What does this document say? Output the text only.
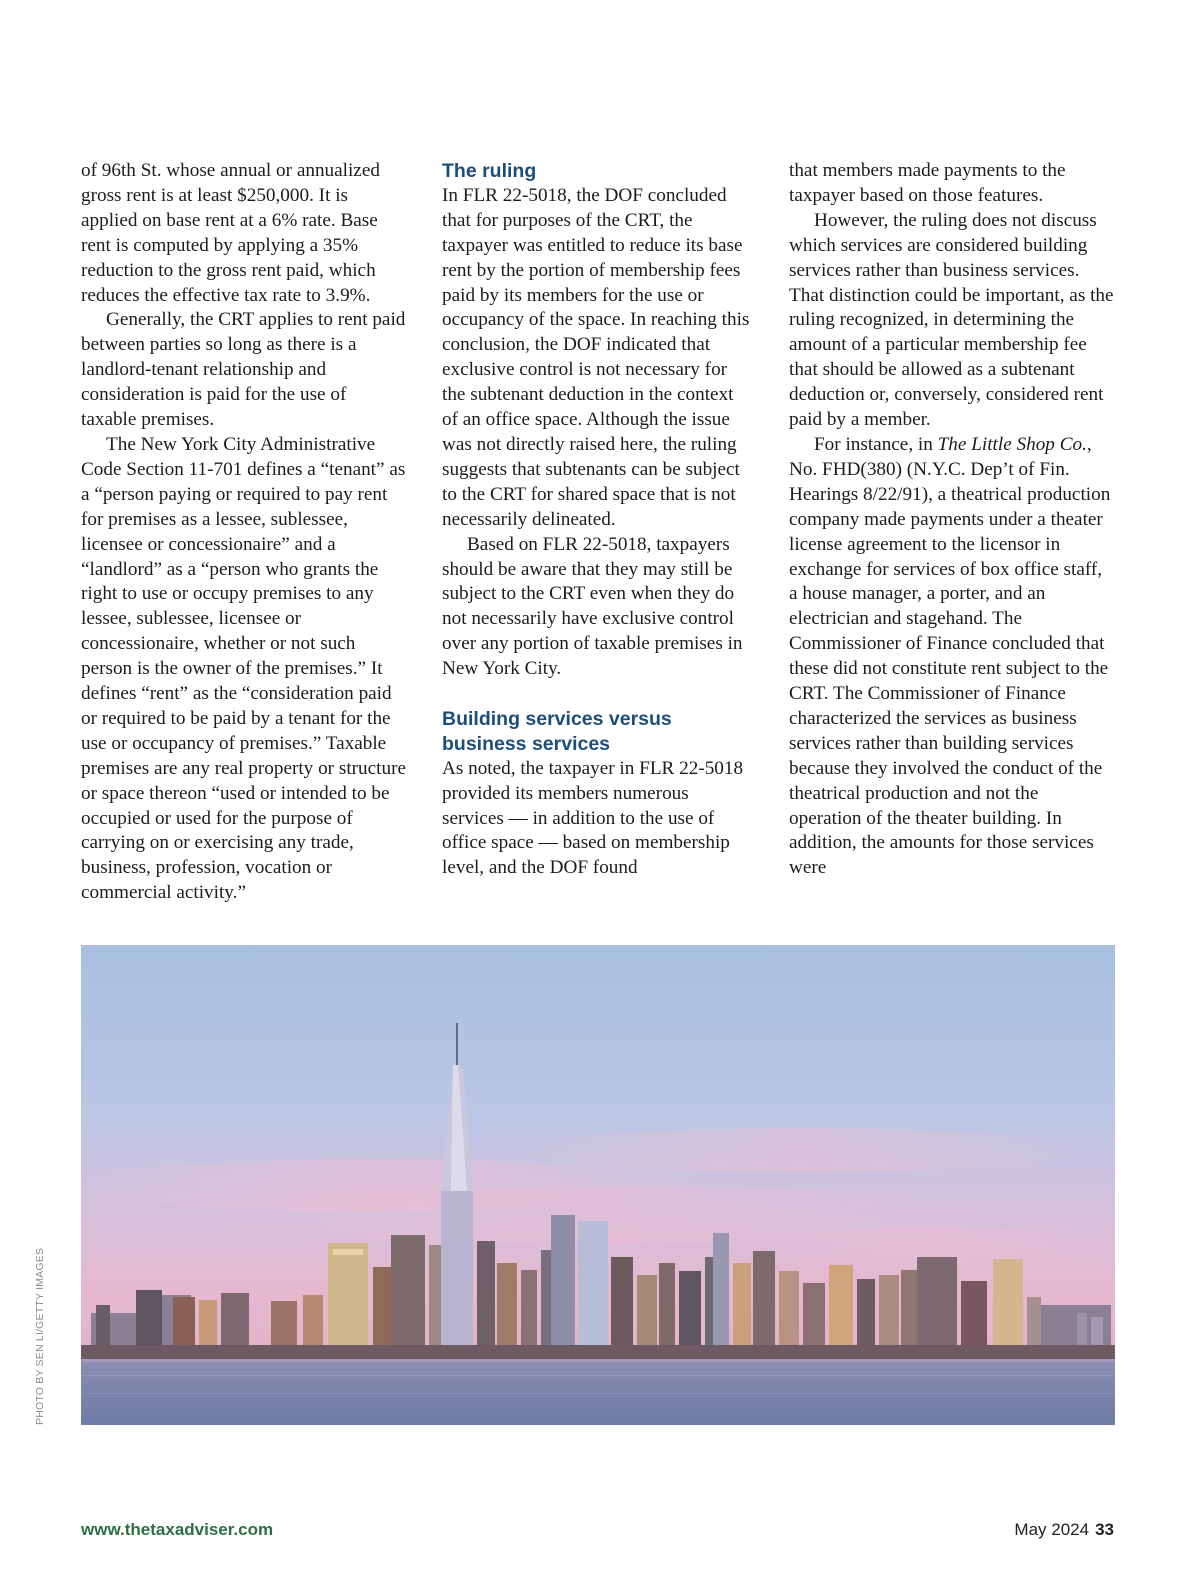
of 96th St. whose annual or annualized gross rent is at least $250,000. It is applied on base rent at a 6% rate. Base rent is computed by applying a 35% reduction to the gross rent paid, which reduces the effective tax rate to 3.9%.

Generally, the CRT applies to rent paid between parties so long as there is a landlord-tenant relationship and consideration is paid for the use of taxable premises.

The New York City Administrative Code Section 11-701 defines a “tenant” as a “person paying or required to pay rent for premises as a lessee, sublessee, licensee or concessionaire” and a “landlord” as a “person who grants the right to use or occupy premises to any lessee, sublessee, licensee or concessionaire, whether or not such person is the owner of the premises.” It defines “rent” as the “consideration paid or required to be paid by a tenant for the use or occupancy of premises.” Taxable premises are any real property or structure or space thereon “used or intended to be occupied or used for the purpose of carrying on or exercising any trade, business, profession, vocation or commercial activity.”

The ruling

In FLR 22-5018, the DOF concluded that for purposes of the CRT, the taxpayer was entitled to reduce its base rent by the portion of membership fees paid by its members for the use or occupancy of the space. In reaching this conclusion, the DOF indicated that exclusive control is not necessary for the subtenant deduction in the context of an office space. Although the issue was not directly raised here, the ruling suggests that subtenants can be subject to the CRT for shared space that is not necessarily delineated.

Based on FLR 22-5018, taxpayers should be aware that they may still be subject to the CRT even when they do not necessarily have exclusive control over any portion of taxable premises in New York City.

Building services versus business services

As noted, the taxpayer in FLR 22-5018 provided its members numerous services — in addition to the use of office space — based on membership level, and the DOF found

that members made payments to the taxpayer based on those features.

However, the ruling does not discuss which services are considered building services rather than business services. That distinction could be important, as the ruling recognized, in determining the amount of a particular membership fee that should be allowed as a subtenant deduction or, conversely, considered rent paid by a member.

For instance, in The Little Shop Co., No. FHD(380) (N.Y.C. Dep’t of Fin. Hearings 8/22/91), a theatrical production company made payments under a theater license agreement to the licensor in exchange for services of box office staff, a house manager, a porter, and an electrician and stagehand. The Commissioner of Finance concluded that these did not constitute rent subject to the CRT. The Commissioner of Finance characterized the services as business services rather than building services because they involved the conduct of the theatrical production and not the operation of the theater building. In addition, the amounts for those services were

PHOTO BY SEN LI/GETTY IMAGES
www.thetaxadviser.com	May 2024 33
